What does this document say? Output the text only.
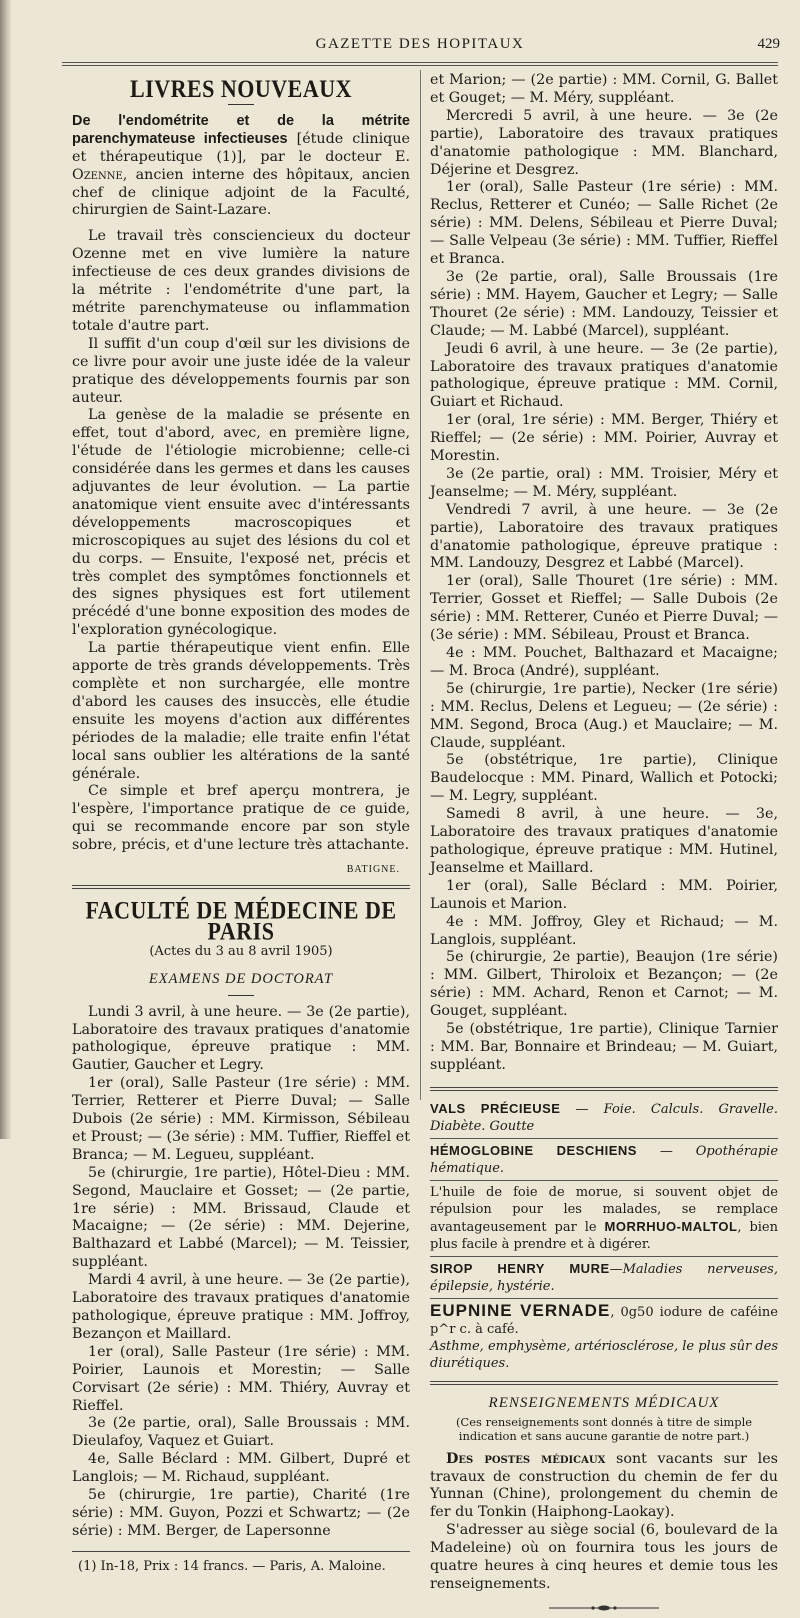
GAZETTE DES HOPITAUX	429
LIVRES NOUVEAUX

De l'endométrite et de la métrite parenchymateuse infectieuses [étude clinique et thérapeutique (1)], par le docteur E. Ozenne, ancien interne des hôpitaux, ancien chef de clinique adjoint de la Faculté, chirurgien de Saint-Lazare.

Le travail très consciencieux du docteur Ozenne met en vive lumière la nature infectieuse de ces deux grandes divisions de la métrite : l'endométrite d'une part, la métrite parenchymateuse ou inflammation totale d'autre part.

Il suffit d'un coup d'œil sur les divisions de ce livre pour avoir une juste idée de la valeur pratique des développements fournis par son auteur.

La genèse de la maladie se présente en effet, tout d'abord, avec, en première ligne, l'étude de l'étiologie microbienne; celle-ci considérée dans les germes et dans les causes adjuvantes de leur évolution. — La partie anatomique vient ensuite avec d'intéressants développements macroscopiques et microscopiques au sujet des lésions du col et du corps. — Ensuite, l'exposé net, précis et très complet des symptômes fonctionnels et des signes physiques est fort utilement précédé d'une bonne exposition des modes de l'exploration gynécologique.

La partie thérapeutique vient enfin. Elle apporte de très grands développements. Très complète et non surchargée, elle montre d'abord les causes des insuccès, elle étudie ensuite les moyens d'action aux différentes périodes de la maladie; elle traite enfin l'état local sans oublier les altérations de la santé générale.

Ce simple et bref aperçu montrera, je l'espère, l'importance pratique de ce guide, qui se recommande encore par son style sobre, précis, et d'une lecture très attachante.

BATIGNE.
FACULTÉ DE MÉDECINE DE PARIS
(Actes du 3 au 8 avril 1905)
EXAMENS DE DOCTORAT

Lundi 3 avril, à une heure. — 3e (2e partie), Laboratoire des travaux pratiques d'anatomie pathologique, épreuve pratique : MM. Gautier, Gaucher et Legry.

1er (oral), Salle Pasteur (1re série) : MM. Terrier, Retterer et Pierre Duval; — Salle Dubois (2e série) : MM. Kirmisson, Sébileau et Proust; — (3e série) : MM. Tuffier, Rieffel et Branca; — M. Legueu, suppléant.

5e (chirurgie, 1re partie), Hôtel-Dieu : MM. Segond, Mauclaire et Gosset; — (2e partie, 1re série) : MM. Brissaud, Claude et Macaigne; — (2e série) : MM. Dejerine, Balthazard et Labbé (Marcel); — M. Teissier, suppléant.

Mardi 4 avril, à une heure. — 3e (2e partie), Laboratoire des travaux pratiques d'anatomie pathologique, épreuve pratique : MM. Joffroy, Bezançon et Maillard.

1er (oral), Salle Pasteur (1re série) : MM. Poirier, Launois et Morestin; — Salle Corvisart (2e série) : MM. Thiéry, Auvray et Rieffel.

3e (2e partie, oral), Salle Broussais : MM. Dieulafoy, Vaquez et Guiart.

4e, Salle Béclard : MM. Gilbert, Dupré et Langlois; — M. Richaud, suppléant.

5e (chirurgie, 1re partie), Charité (1re série) : MM. Guyon, Pozzi et Schwartz; — (2e série) : MM. Berger, de Lapersonne

(1) In-18, Prix : 14 francs. — Paris, A. Maloine.

et Marion; — (2e partie) : MM. Cornil, G. Ballet et Gouget; — M. Méry, suppléant.

Mercredi 5 avril, à une heure. — 3e (2e partie), Laboratoire des travaux pratiques d'anatomie pathologique : MM. Blanchard, Déjerine et Desgrez.

1er (oral), Salle Pasteur (1re série) : MM. Reclus, Retterer et Cunéo; — Salle Richet (2e série) : MM. Delens, Sébileau et Pierre Duval; — Salle Velpeau (3e série) : MM. Tuffier, Rieffel et Branca.

3e (2e partie, oral), Salle Broussais (1re série) : MM. Hayem, Gaucher et Legry; — Salle Thouret (2e série) : MM. Landouzy, Teissier et Claude; — M. Labbé (Marcel), suppléant.

Jeudi 6 avril, à une heure. — 3e (2e partie), Laboratoire des travaux pratiques d'anatomie pathologique, épreuve pratique : MM. Cornil, Guiart et Richaud.

1er (oral, 1re série) : MM. Berger, Thiéry et Rieffel; — (2e série) : MM. Poirier, Auvray et Morestin.

3e (2e partie, oral) : MM. Troisier, Méry et Jeanselme; — M. Méry, suppléant.

Vendredi 7 avril, à une heure. — 3e (2e partie), Laboratoire des travaux pratiques d'anatomie pathologique, épreuve pratique : MM. Landouzy, Desgrez et Labbé (Marcel).

1er (oral), Salle Thouret (1re série) : MM. Terrier, Gosset et Rieffel; — Salle Dubois (2e série) : MM. Retterer, Cunéo et Pierre Duval; — (3e série) : MM. Sébileau, Proust et Branca.

4e : MM. Pouchet, Balthazard et Macaigne; — M. Broca (André), suppléant.

5e (chirurgie, 1re partie), Necker (1re série) : MM. Reclus, Delens et Legueu; — (2e série) : MM. Segond, Broca (Aug.) et Mauclaire; — M. Claude, suppléant.

5e (obstétrique, 1re partie), Clinique Baudelocque : MM. Pinard, Wallich et Potocki; — M. Legry, suppléant.

Samedi 8 avril, à une heure. — 3e, Laboratoire des travaux pratiques d'anatomie pathologique, épreuve pratique : MM. Hutinel, Jeanselme et Maillard.

1er (oral), Salle Béclard : MM. Poirier, Launois et Marion.

4e : MM. Joffroy, Gley et Richaud; — M. Langlois, suppléant.

5e (chirurgie, 2e partie), Beaujon (1re série) : MM. Gilbert, Thiroloix et Bezançon; — (2e série) : MM. Achard, Renon et Carnot; — M. Gouget, suppléant.

5e (obstétrique, 1re partie), Clinique Tarnier : MM. Bar, Bonnaire et Brindeau; — M. Guiart, suppléant.

VALS PRÉCIEUSE — Foie. Calculs. Gravelle. Diabète. Goutte
HÉMOGLOBINE DESCHIENS — Opothérapie hématique.
L'huile de foie de morue, si souvent objet de répulsion pour les malades, se remplace avantageusement par le MORRHUO-MALTOL, bien plus facile à prendre et à digérer.
SIROP HENRY MURE—Maladies nerveuses, épilepsie, hystérie.
EUPNINE VERNADE, 0g50 iodure de caféine p^r c. à café.
Asthme, emphysème, artériosclérose, le plus sûr des diurétiques.
RENSEIGNEMENTS MÉDICAUX
(Ces renseignements sont donnés à titre de simple indication et sans aucune garantie de notre part.)

Des postes médicaux sont vacants sur les travaux de construction du chemin de fer du Yunnan (Chine), prolongement du chemin de fer du Tonkin (Haiphong-Laokay).

S'adresser au siège social (6, boulevard de la Madeleine) où on fournira tous les jours de quatre heures à cinq heures et demie tous les renseignements.
